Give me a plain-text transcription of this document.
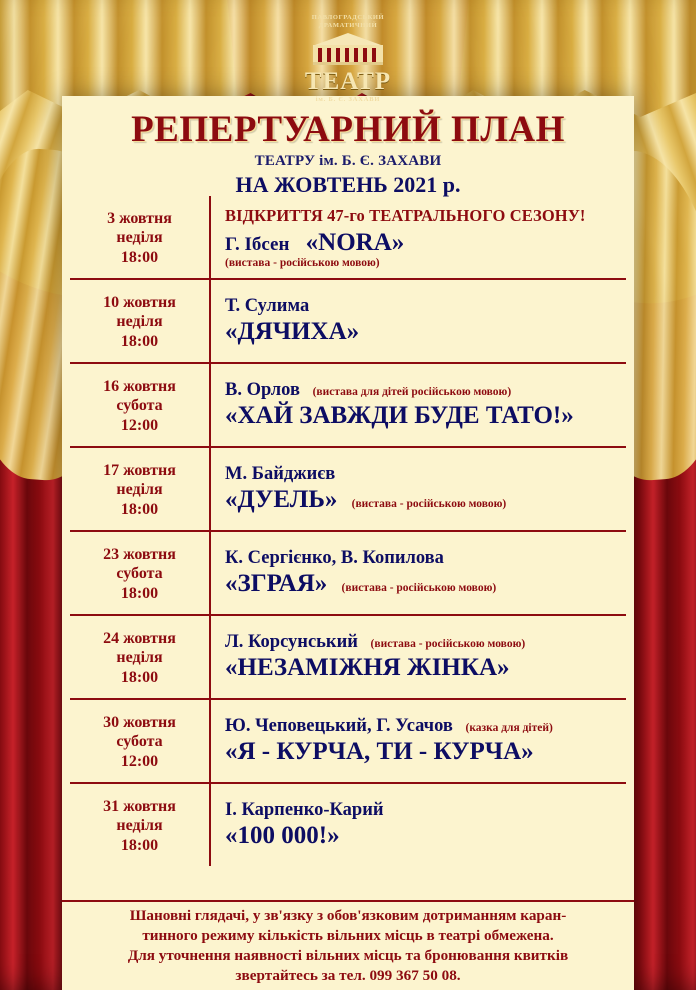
ПАВЛОГРАДСЬКИЙ
ДРАМАТИЧНИЙ
ТЕАТР
ім. Б. Є. ЗАХАВИ
РЕПЕРТУАРНИЙ ПЛАН
ТЕАТРУ ім. Б. Є. ЗАХАВИ
НА ЖОВТЕНЬ 2021 р.
3 жовтня
неділя
18:00
ВІДКРИТТЯ 47-го ТЕАТРАЛЬНОГО СЕЗОНУ!
Г. Ібсен «NORA»
(вистава - російською мовою)
10 жовтня
неділя
18:00
Т. Сулима
«ДЯЧИХА»
16 жовтня
субота
12:00
В. Орлов (вистава для дітей російською мовою)
«ХАЙ ЗАВЖДИ БУДЕ ТАТО!»
17 жовтня
неділя
18:00
М. Байджиєв
«ДУЕЛЬ» (вистава - російською мовою)
23 жовтня
субота
18:00
К. Сергієнко, В. Копилова
«ЗГРАЯ» (вистава - російською мовою)
24 жовтня
неділя
18:00
Л. Корсунський (вистава - російською мовою)
«НЕЗАМІЖНЯ ЖІНКА»
30 жовтня
субота
12:00
Ю. Чеповецький, Г. Усачов (казка для дітей)
«Я - КУРЧА, ТИ - КУРЧА»
31 жовтня
неділя
18:00
І. Карпенко-Карий
«100 000!»
Шановні глядачі, у зв'язку з обов'язковим дотриманням каран-
тинного режиму кількість вільних місць в театрі обмежена.
Для уточнення наявності вільних місць та бронювання квитків
звертайтесь за тел. 099 367 50 08.
